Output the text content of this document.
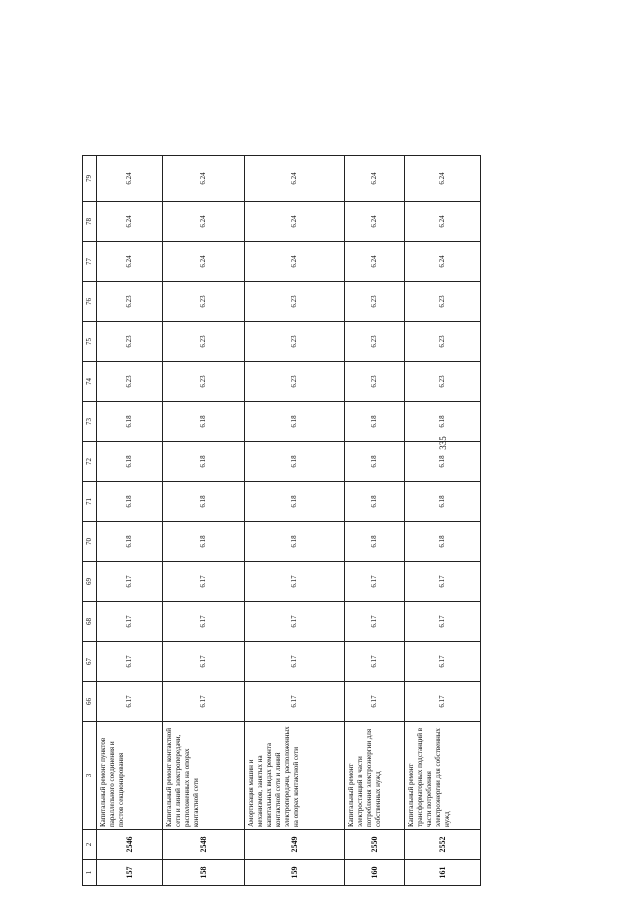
335
1	2	3	66	67	68	69	70	71	72	73	74	75	76	77	78	79
157	2546	Капитальный ремонт пунктов параллельного соединения и постов секционирования	6.17	6.17	6.17	6.17	6.18	6.18	6.18	6.18	6.23	6.23	6.23	6.24	6.24	6.24
158	2548	Капитальный ремонт контактной сети и линий электропередачи, расположенных на опорах контактной сети	6.17	6.17	6.17	6.17	6.18	6.18	6.18	6.18	6.23	6.23	6.23	6.24	6.24	6.24
159	2549	Амортизация машин и механизмов, занятых на капитальных видах ремонта контактной сети и линий электропередачи, расположенных на опорах контактной сети	6.17	6.17	6.17	6.17	6.18	6.18	6.18	6.18	6.23	6.23	6.23	6.24	6.24	6.24
160	2550	Капитальный ремонт электростанций в части потребления электроэнергии для собственных нужд	6.17	6.17	6.17	6.17	6.18	6.18	6.18	6.18	6.23	6.23	6.23	6.24	6.24	6.24
161	2552	Капитальный ремонт трансформаторных подстанций в части потребления электроэнергии для собственных нужд	6.17	6.17	6.17	6.17	6.18	6.18	6.18	6.18	6.23	6.23	6.23	6.24	6.24	6.24
